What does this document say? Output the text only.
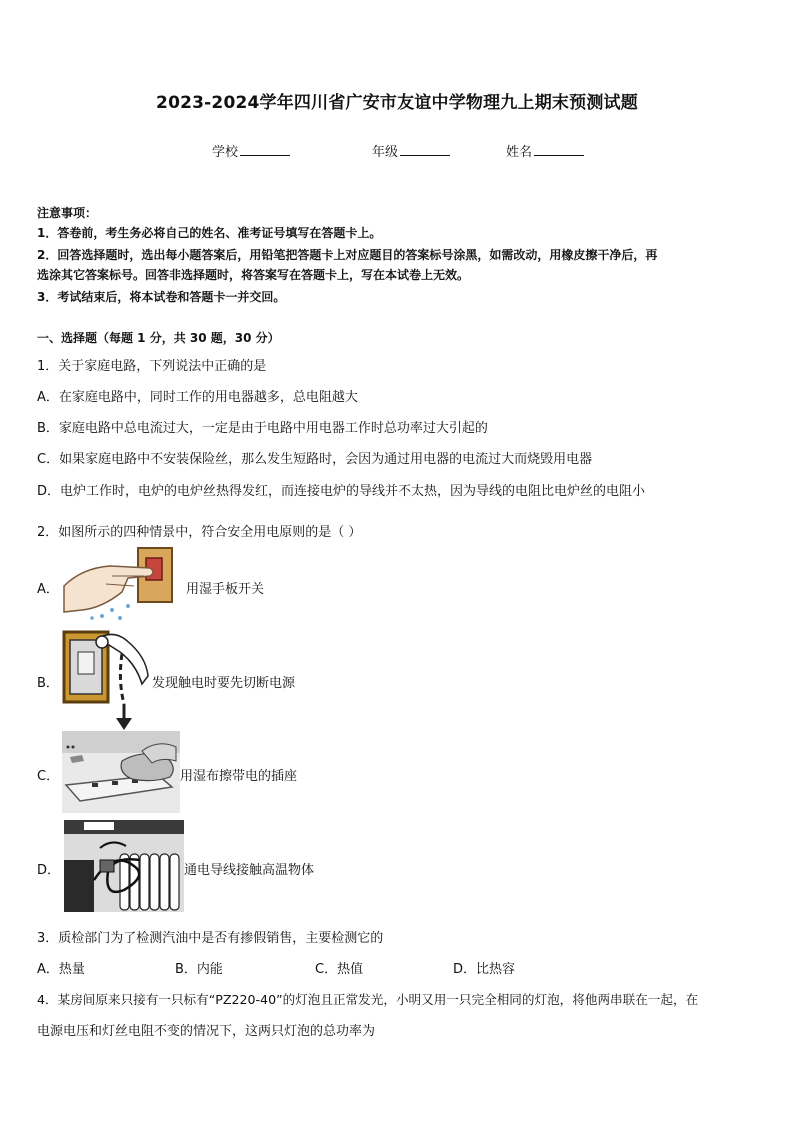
2023-2024学年四川省广安市友谊中学物理九上期末预测试题
学校	年级	姓名
注意事项：
1．答卷前，考生务必将自己的姓名、准考证号填写在答题卡上。
2．回答选择题时，选出每小题答案后，用铅笔把答题卡上对应题目的答案标号涂黑，如需改动，用橡皮擦干净后，再
选涂其它答案标号。回答非选择题时，将答案写在答题卡上，写在本试卷上无效。
3．考试结束后，将本试卷和答题卡一并交回。
一、选择题（每题 1 分，共 30 题，30 分）
1．关于家庭电路，下列说法中正确的是
A．在家庭电路中，同时工作的用电器越多，总电阻越大
B．家庭电路中总电流过大，一定是由于电路中用电器工作时总功率过大引起的
C．如果家庭电路中不安装保险丝，那么发生短路时，会因为通过用电器的电流过大而烧毁用电器
D．电炉工作时，电炉的电炉丝热得发红，而连接电炉的导线并不太热，因为导线的电阻比电炉丝的电阻小
2．如图所示的四种情景中，符合安全用电原则的是（ ）
A．	用湿手板开关
B．	发现触电时要先切断电源
C．	用湿布擦带电的插座
D．	通电导线接触高温物体
3．质检部门为了检测汽油中是否有掺假销售，主要检测它的
A．热量	B．内能	C．热值	D．比热容
4．某房间原来只接有一只标有“PZ220-40”的灯泡且正常发光，小明又用一只完全相同的灯泡，将他两串联在一起，在
电源电压和灯丝电阻不变的情况下，这两只灯泡的总功率为
